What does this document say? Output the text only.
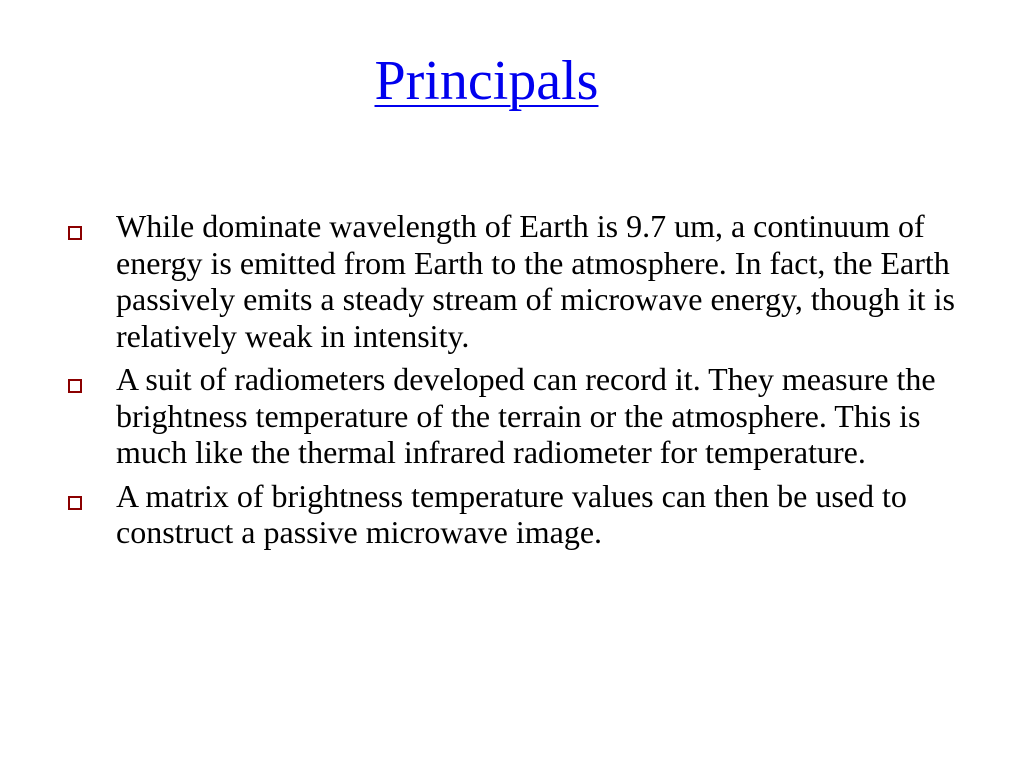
Principals
While dominate wavelength of Earth is 9.7 um, a continuum of energy is emitted from Earth to the atmosphere. In fact, the Earth passively emits a steady stream of microwave energy, though it is relatively weak in intensity.
A suit of radiometers developed can record it. They measure the brightness temperature of the terrain or the atmosphere. This is much like the thermal infrared radiometer for temperature.
A matrix of brightness temperature values can then be used to construct a passive microwave image.
